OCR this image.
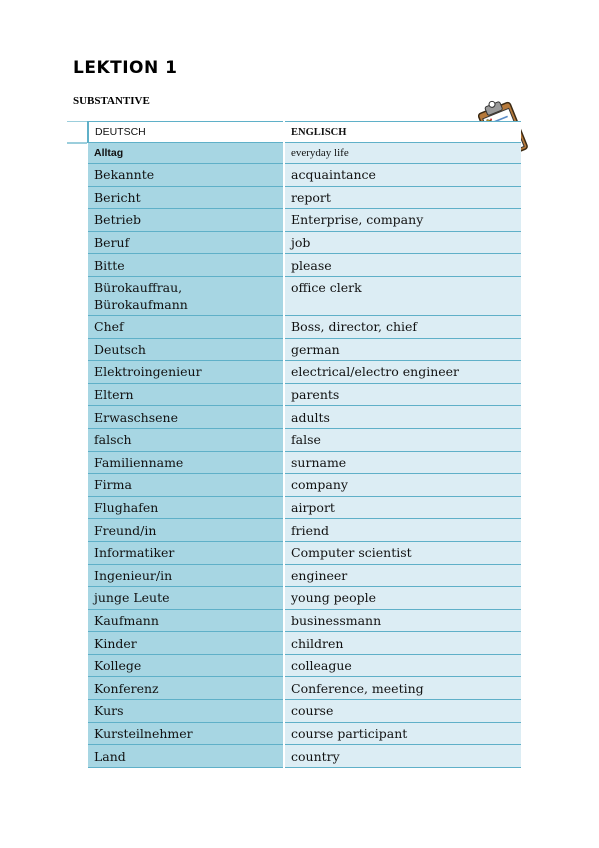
LEKTION 1
SUBSTANTIVE
DEUTSCH	ENGLISCH
Alltag	everyday life
Bekannte	acquaintance
Bericht	report
Betrieb	Enterprise, company
Beruf	job
Bitte	please
Bürokauffrau,
Bürokaufmann	office clerk
Chef	Boss, director, chief
Deutsch	german
Elektroingenieur	electrical/electro engineer
Eltern	parents
Erwaschsene	adults
falsch	false
Familienname	surname
Firma	company
Flughafen	airport
Freund/in	friend
Informatiker	Computer scientist
Ingenieur/in	engineer
junge Leute	young people
Kaufmann	businessmann
Kinder	children
Kollege	colleague
Konferenz	Conference, meeting
Kurs	course
Kursteilnehmer	course participant
Land	country
